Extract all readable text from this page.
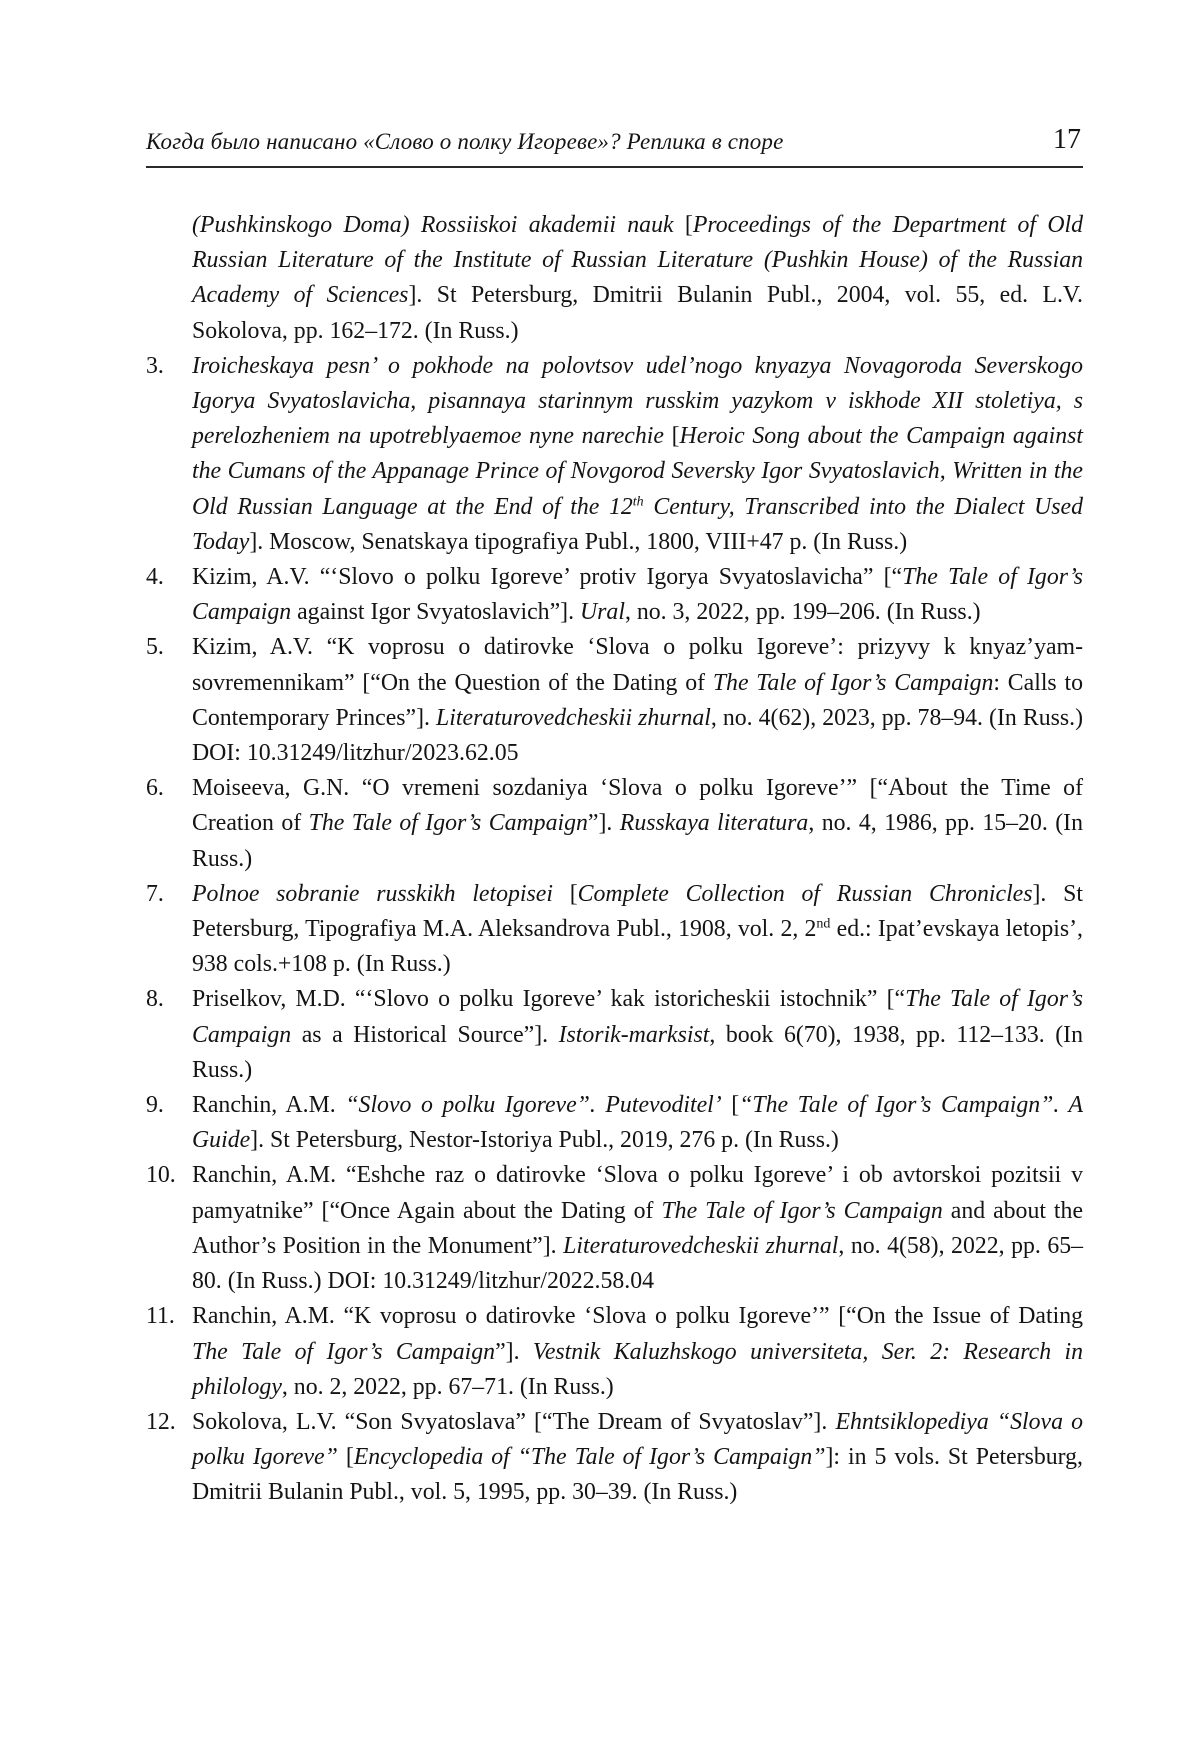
Когда было написано «Слово о полку Игореве»? Реплика в споре	17
(Pushkinskogo Doma) Rossiiskoi akademii nauk [Proceedings of the Department of Old Russian Literature of the Institute of Russian Literature (Pushkin House) of the Russian Academy of Sciences]. St Petersburg, Dmitrii Bulanin Publ., 2004, vol. 55, ed. L.V. Sokolova, pp. 162–172. (In Russ.)
3. Iroicheskaya pesn’ o pokhode na polovtsov udel’nogo knyazya Novagoroda Severskogo Igorya Svyatoslavicha, pisannaya starinnym russkim yazykom v iskhode XII stoletiya, s perelozheniem na upotreblyaemoe nyne narechie [Heroic Song about the Campaign against the Cumans of the Appanage Prince of Novgorod Seversky Igor Svyatoslavich, Written in the Old Russian Language at the End of the 12th Century, Transcribed into the Dialect Used Today]. Moscow, Senatskaya tipografiya Publ., 1800, VIII+47 p. (In Russ.)
4. Kizim, A.V. “‘Slovo o polku Igoreve’ protiv Igorya Svyatoslavicha” [“The Tale of Igor’s Campaign against Igor Svyatoslavich”]. Ural, no. 3, 2022, pp. 199–206. (In Russ.)
5. Kizim, A.V. “K voprosu o datirovke ‘Slova o polku Igoreve’: prizyvy k knyaz’yam-sovremennikam” [“On the Question of the Dating of The Tale of Igor’s Campaign: Calls to Contemporary Princes”]. Literaturovedcheskii zhurnal, no. 4(62), 2023, pp. 78–94. (In Russ.) DOI: 10.31249/litzhur/2023.62.05
6. Moiseeva, G.N. “O vremeni sozdaniya ‘Slova o polku Igoreve’” [“About the Time of Creation of The Tale of Igor’s Campaign”]. Russkaya literatura, no. 4, 1986, pp. 15–20. (In Russ.)
7. Polnoe sobranie russkikh letopisei [Complete Collection of Russian Chronicles]. St Petersburg, Tipografiya M.A. Aleksandrova Publ., 1908, vol. 2, 2nd ed.: Ipat’evskaya letopis’, 938 cols.+108 p. (In Russ.)
8. Priselkov, M.D. “‘Slovo o polku Igoreve’ kak istoricheskii istochnik” [“The Tale of Igor’s Campaign as a Historical Source”]. Istorik-marksist, book 6(70), 1938, pp. 112–133. (In Russ.)
9. Ranchin, A.M. “Slovo o polku Igoreve”. Putevoditel’ [“The Tale of Igor’s Campaign”. A Guide]. St Petersburg, Nestor-Istoriya Publ., 2019, 276 p. (In Russ.)
10. Ranchin, A.M. “Eshche raz o datirovke ‘Slova o polku Igoreve’ i ob avtorskoi pozitsii v pamyatnike” [“Once Again about the Dating of The Tale of Igor’s Campaign and about the Author’s Position in the Monument”]. Literaturovedcheskii zhurnal, no. 4(58), 2022, pp. 65–80. (In Russ.) DOI: 10.31249/litzhur/2022.58.04
11. Ranchin, A.M. “K voprosu o datirovke ‘Slova o polku Igoreve’” [“On the Issue of Dating The Tale of Igor’s Campaign”]. Vestnik Kaluzhskogo universiteta, Ser. 2: Research in philology, no. 2, 2022, pp. 67–71. (In Russ.)
12. Sokolova, L.V. “Son Svyatoslava” [“The Dream of Svyatoslav”]. Ehntsiklopediya “Slova o polku Igoreve” [Encyclopedia of “The Tale of Igor’s Campaign”]: in 5 vols. St Petersburg, Dmitrii Bulanin Publ., vol. 5, 1995, pp. 30–39. (In Russ.)
